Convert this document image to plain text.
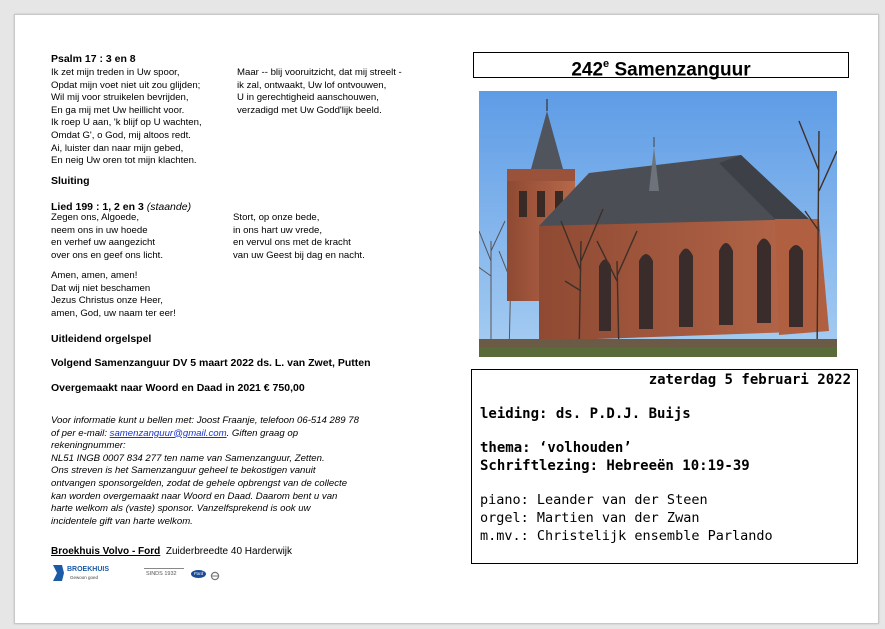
Psalm 17 : 3 en 8
Ik zet mijn treden in Uw spoor,
Opdat mijn voet niet uit zou glijden;
Wil mij voor struikelen bevrijden,
En ga mij met Uw heillicht voor.
Ik roep U aan, 'k blijf op U wachten,
Omdat G', o God, mij altoos redt.
Ai, luister dan naar mijn gebed,
En neig Uw oren tot mijn klachten.
Maar -- blij vooruitzicht, dat mij streelt -
ik zal, ontwaakt, Uw lof ontvouwen,
U in gerechtigheid aanschouwen,
verzadigd met Uw Godd'lijk beeld.
Sluiting
Lied 199 : 1, 2 en 3 (staande)
Zegen ons, Algoede,
neem ons in uw hoede
en verhef uw aangezicht
over ons en geef ons licht.
Stort, op onze bede,
in ons hart uw vrede,
en vervul ons met de kracht
van uw Geest bij dag en nacht.
Amen, amen, amen!
Dat wij niet beschamen
Jezus Christus onze Heer,
amen, God, uw naam ter eer!
Uitleidend orgelspel
Volgend Samenzanguur DV 5 maart 2022 ds. L. van Zwet, Putten
Overgemaakt naar Woord en Daad in 2021 € 750,00
Voor informatie kunt u bellen met: Joost Fraanje, telefoon 06-514 289 78
of per e-mail: samenzanguur@gmail.com. Giften graag op
rekeningnummer:
NL51 INGB 0007 834 277 ten name van Samenzanguur, Zetten.
Ons streven is het Samenzanguur geheel te bekostigen vanuit
ontvangen sponsorgelden, zodat de gehele opbrengst van de collecte
kan worden overgemaakt naar Woord en Daad. Daarom bent u van
harte welkom als (vaste) sponsor. Vanzelfsprekend is ook uw
incidentele gift van harte welkom.
Broekhuis Volvo - Ford Zuiderbreedte 40 Harderwijk
BROEKHUIS
Gewoon goed
SINDS 1932	Ford
242e Samenzanguur
zaterdag 5 februari 2022
leiding: ds. P.D.J. Buijs
thema: ‘volhouden’
Schriftlezing: Hebreeën 10:19-39
piano: Leander van der Steen
orgel: Martien van der Zwan
m.mv.: Christelijk ensemble Parlando
